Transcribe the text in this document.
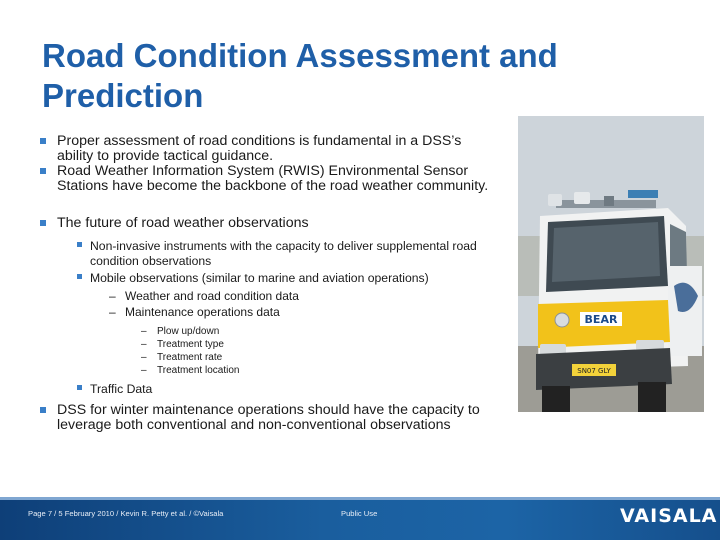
Road Condition Assessment and
Prediction
Proper assessment of road conditions is fundamental in a DSS’s ability to provide tactical guidance.
Road Weather Information System (RWIS) Environmental Sensor Stations have become the backbone of the road weather community.
The future of road weather observations
Non-invasive instruments with the capacity to deliver supplemental road condition observations
Mobile observations (similar to marine and aviation operations)
– Weather and road condition data
– Maintenance operations data
– Plow up/down
– Treatment type
– Treatment rate
– Treatment location
Traffic Data
DSS for winter maintenance operations should have the capacity to leverage both conventional and non-conventional observations
BEAR
SN07 GLY
Page 7 / 5 February 2010 / Kevin R. Petty et al. / ©Vaisala	Public Use	VAISALA
